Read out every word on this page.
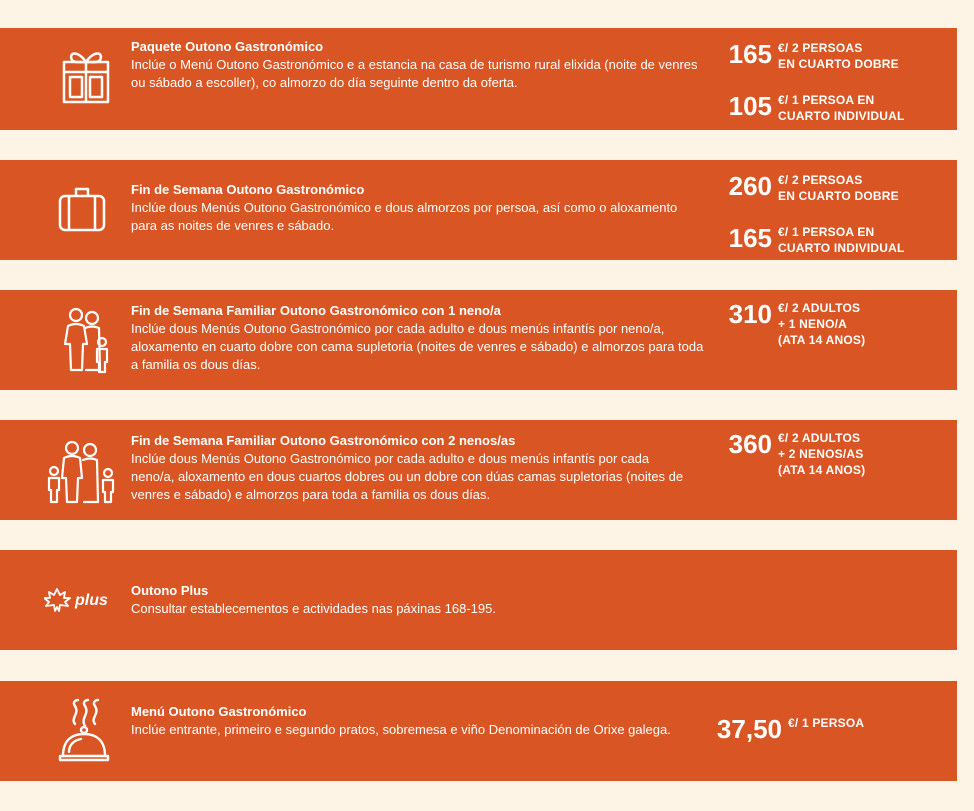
Paquete Outono Gastronómico
Inclúe o Menú Outono Gastronómico e a estancia na casa de turismo rural elixida (noite de venres ou sábado a escoller), co almorzo do día seguinte dentro da oferta.
165 €/ 2 PERSOAS
EN CUARTO DOBRE
105 €/ 1 PERSOA EN
CUARTO INDIVIDUAL
Fin de Semana Outono Gastronómico
Inclúe dous Menús Outono Gastronómico e dous almorzos por persoa, así como o aloxamento para as noites de venres e sábado.
260 €/ 2 PERSOAS
EN CUARTO DOBRE
165 €/ 1 PERSOA EN
CUARTO INDIVIDUAL
Fin de Semana Familiar Outono Gastronómico con 1 neno/a
Inclúe dous Menús Outono Gastronómico por cada adulto e dous menús infantís por neno/a, aloxamento en cuarto dobre con cama supletoria (noites de venres e sábado) e almorzos para toda a familia os dous días.
310 €/ 2 ADULTOS
+ 1 NENO/A
(ATA 14 ANOS)
Fin de Semana Familiar Outono Gastronómico con 2 nenos/as
Inclúe dous Menús Outono Gastronómico por cada adulto e dous menús infantís por cada neno/a, aloxamento en dous cuartos dobres ou un dobre con dúas camas supletorias (noites de venres e sábado) e almorzos para toda a familia os dous días.
360 €/ 2 ADULTOS
+ 2 NENOS/AS
(ATA 14 ANOS)
plus
Outono Plus
Consultar establecementos e actividades nas páxinas 168-195.
Menú Outono Gastronómico
Inclúe entrante, primeiro e segundo pratos, sobremesa e viño Denominación de Orixe galega.	37,50 €/ 1 PERSOA
